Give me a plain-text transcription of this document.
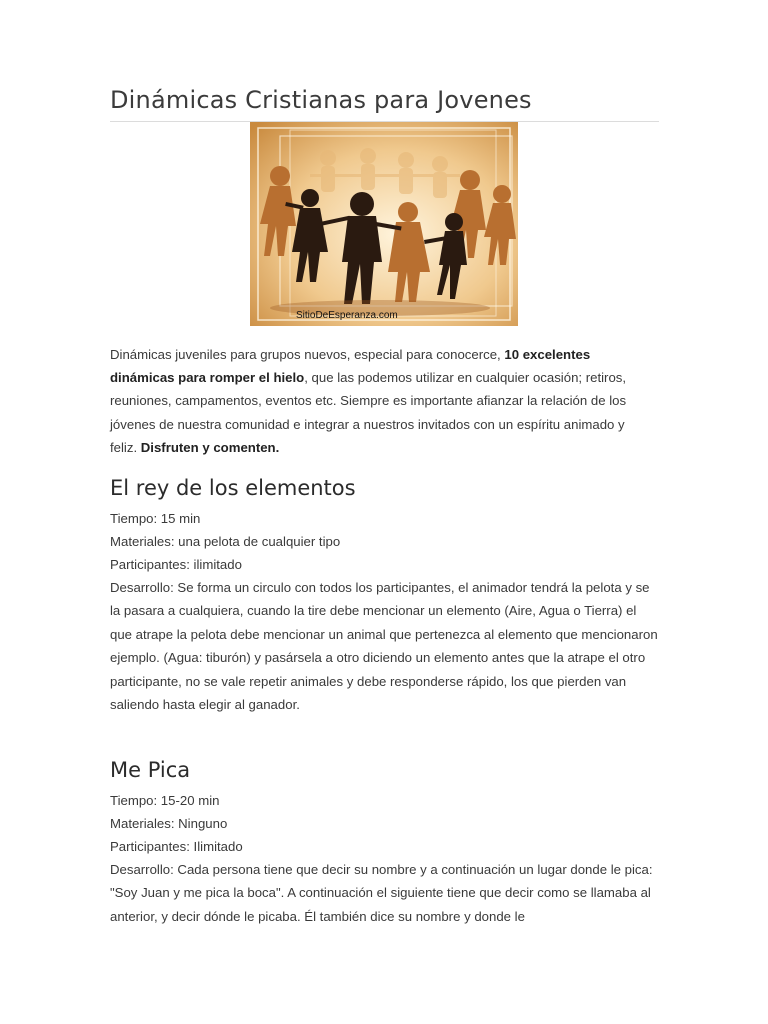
Dinámicas Cristianas para Jovenes
SitioDeEsperanza.com

Dinámicas juveniles para grupos nuevos, especial para conocerce, 10 excelentes dinámicas para romper el hielo, que las podemos utilizar en cualquier ocasión; retiros, reuniones, campamentos, eventos etc. Siempre es importante afianzar la relación de los jóvenes de nuestra comunidad e integrar a nuestros invitados con un espíritu animado y feliz. Disfruten y comenten.

El rey de los elementos

Tiempo: 15 min

Materiales: una pelota de cualquier tipo

Participantes: ilimitado

Desarrollo: Se forma un circulo con todos los participantes, el animador tendrá la pelota y se la pasara a cualquiera, cuando la tire debe mencionar un elemento (Aire, Agua o Tierra) el que atrape la pelota debe mencionar un animal que pertenezca al elemento que mencionaron ejemplo. (Agua: tiburón) y pasársela a otro diciendo un elemento antes que la atrape el otro participante, no se vale repetir animales y debe responderse rápido, los que pierden van saliendo hasta elegir al ganador.

Me Pica

Tiempo: 15-20 min

Materiales: Ninguno

Participantes: Ilimitado

Desarrollo: Cada persona tiene que decir su nombre y a continuación un lugar donde le pica: "Soy Juan y me pica la boca". A continuación el siguiente tiene que decir como se llamaba al anterior, y decir dónde le picaba. Él también dice su nombre y donde le
